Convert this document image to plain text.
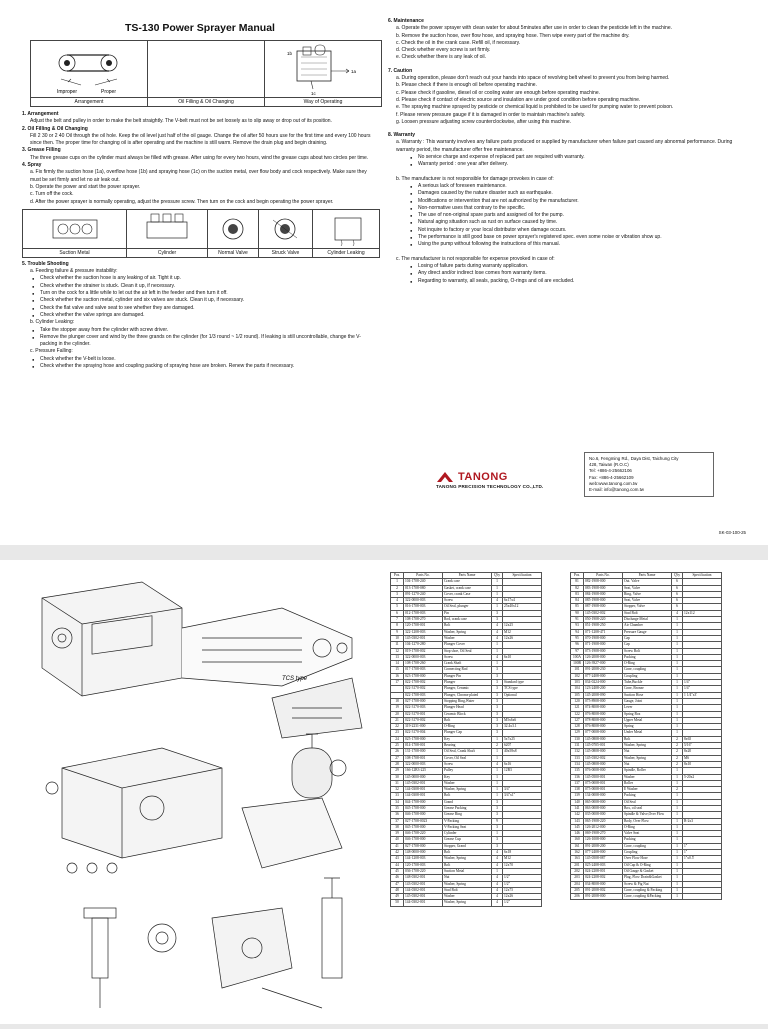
TS-130 Power Sprayer Manual
Improper	Proper
1b
1c
1a
Arrangement	Oil Filling & Oil Changing	Way of Operating

1. Arrangement

Adjust the belt and pulley in order to make the belt straightly. The V-belt must not be set loosely as to slip away or drop out of its position.

2. Oil Filling & Oil Changing

Fill 2 30 or 2 40 Oil through the oil hole. Keep the oil level just half of the oil gauge. Change the oil after 50 hours use for the first time and every 100 hours since then. The proper time for changing oil is after operating and the machine is still warm. Remove the drain plug and begin draining.

3. Grease Filling

The three grease cups on the cylinder must always be filled with grease. After using for every two hours, wind the grease cups about two circles per time.

4. Spray

a. Fix firmly the suction hose (1a), overflow hose (1b) and spraying hose (1c) on the suction metal, over flow body and cock respectively. Make sure they must be set firmly and let no air leak out.

b. Operate the power and start the power sprayer.

c. Turn off the cock.

d. After the power sprayer is normally operating, adjust the pressure screw. Then turn on the cock and begin operating the power sprayer.

Suction Metal	Cylinder	Normal Valve	Struck Valve	Cylinder Leaking

5. Trouble Shooting

a. Feeding failure & pressure instability:

● Check whether the suction hose is any leaking of air. Tight it up.

● Check whether the strainer is stuck. Clean it up, if necessary.

● Turn on the cock for a little while to let out the air left in the feeder and then turn it off.

● Check whether the suction metal, cylinder and six valves are stuck. Clean it up, if necessary.

● Check the flat valve and valve seat to see whether they are damaged.

● Check whether the valve springs are damaged.

b. Cylinder Leaking:

● Take the stopper away from the cylinder with screw driver.

● Remove the plunger cover and wind by the three grands on the cylinder (for 1/3 round ~ 1/2 round). If leaking is still uncontrollable, change the V-packing in the cylinder.

c. Pressure Falling:

● Check whether the V-belt is loose.

● Check whether the spraying hose and coupling packing of spraying hose are broken. Renew the parts if necessary.

6. Maintenance

a. Operate the power sprayer with clean water for about 5minutes after use in order to clean the pesticide left in the machine.

b. Remove the suction hose, over flow hose, and spraying hose. Then wipe every part of the machine dry.

c. Check the oil in the crank case. Refill oil, if necessary.

d. Check whether every screw is set firmly.

e. Check whether there is any leak of oil.

7. Caution

a. During operation, please don't reach out your hands into space of revolving belt wheel to prevent you from being harmed.

b. Please check if there is enough oil before operating machine.

c. Please check if gasoline, diesel oil or cooling water are enough before operating machine.

d. Please check if contact of electric source and insulation are under good condition before operating machine.

e. The spraying machine sprayed by pesticide or chemical liquid is prohibited to be used for pumping water to prevent poison.

f. Please renew pressure gauge if it is damaged in order to maintain machine's safety.

g. Loosen pressure adjusting screw counterclockwise, after using this machine.

8. Warranty

a. Warranty : This warranty involves any failure parts produced or supplied by manufacturer when failure part caused any abnormal performance. During warranty period, the manufacturer offer free maintenance.

● No service charge and expense of replaced part are required with warranty.

● Warranty period : one year after delivery.

b. The manufacturer is not responsible for damage provokes in case of:

● A serious lack of foreseen maintenance.

● Damages caused by the nature disaster such as earthquake.

● Modifications or intervention that are not authorized by the manufacturer.

● Non-normative uses that contrary to the specific.

● The use of non-original spare parts and assigned oil for the pump.

● Natural aging situation such as rust on surface caused by time.

● Not inquire to factory or your local distributor when damage occurs.

● The performance is still good base on power sprayer's registered spec. even some noise or vibration show up.

● Using the pump without following the instructions of this manual.

c. The manufacturer is not responsible for expense provoked in case of:

● Losing of failure parts during warranty application.

● Any direct and/or indirect lose comes from warranty items.

● Regarding to warranty, all seals, packing, O-rings and oil are excluded.

No.6, Fengming Rd., Daya Dist, Taichung City
428, Taiwan (R.O.C)
Tel: +886-4-25662106
Fax: +886-4-25662109
web:www.tanong.com.tw
E-mail: info@tanong.com.tw
TANONG
TANONG PRECISION TECHNOLOGY CO.,LTD.
SK-03-100-25
TCS type
Pos.	Parts No.	Parts Name	Q'ty	Specification
1	104-1708-240	Crank case	1	
2	013-1708-080	Gasket, crank case	1	
3	091-1270-240	Cover, crank Case	1	
4	322-0000-003	Screw	4	6x17x4
5	016-1708-003	Oil Seal, plunger	1	25x40x12
6	012-1708-003	Pin	3	
7	108-1708-270	Rod, crank case	3	
8	120-1708-001	Bolt	4	12x25
9	322-1208-003	Washer, Spring	4	M12
10	145-0302-001	Washer	4	12x26
11	104-1270-280	Plunger Cover	1	
12	019-1708-002	Stop shoe, Oil Seal	1	
13	322-0000-003	Screw	4	6x10
14	108-1708-260	Crank Shaft	1	
15	017-1708-003	Connecting Rod	3	
16	023-1708-000	Plunger Pin	3	
17	022-1708-002	Plunger	3	Standard type
	022-3170-002	Plunger, Ceramic	3	TCS type
	022-1708-003	Plunger, Chrome plated	3	Optional
18	027-1708-000	Stopping Ring,Water	3	
19	022-3170-003	Plunger Head	3	
20	022-3170-001	Ceramic Block	3	
21	022-3170-002	Bolt	3	M5x6x6
22	319-2231-000	O-Ring	3	32.4x3.1
23	022-3170-004	Plunger Cap	3	
24	025-1708-000	Key	1	5x7x25
25	014-1708-001	Bearing	2	6207
26	131-1708-000	Oil Seal, Crank Shaft	1	40x58x8
27	108-1708-001	Cover, Oil Seal	1	
28	322-0000-003	Screw	4	6x16
29	166-12B3-225	Pulley	1	12B3
30	145-0000-000	Key	1	
31	145-0302-001	Washer	1	
32	144-0308-001	Washer, Spring	1	3/4"
33	144-0308-001	Bolt	1	3/4"x1"
34	044-1708-000	Grand	3	
35	045-1708-000	Grease Packing	3	
36	046-1708-000	Grease Ring	3	
37	027-1708-0023	V-Packing	9	
38	045-1708-000	V-Packing Seat	3	
39	046-1708-220	Cylinder	1	
40	046-1708-000	Grease Cup	3	
41	027-1708-000	Stopper, Grand	3	
42	148-0000-000	Bolt	4	6x18
43	144-1208-003	Washer, Spring	4	M12
44	120-1708-003	Bolt	4	12x70
45	036-1708-220	Suction Metal	1	
46	148-0302-001	Nut	4	1/2"
47	143-0302-001	Washer, Spring	4	1/2"
48	144-0302-001	Stud Bolt	4	12x75
49	145-0302-001	Washer	4	12x26
50	144-0302-001	Washer, Spring	4	1/2"
Pos.	Parts No.	Parts Name	Q'ty	Specification
81	082-1908-000	Out. Valve	6	
82	083-1908-000	Seat, Valve	6	
83	084-1908-000	Ring, Valve	6	
84	085-1908-000	Seat, Valve	6	
85	087-1908-000	Stopper, Valve	6	
90	145-0302-002	Stud Bolt	4	12x112
91	050-1908-220	Discharge Metal	1	
93	051-1908-250	Air Chamber	1	
94	071-1208-471	Pressure Gauge	1	
95	070-1908-000	Cap	1	
96	071-1908-000	Cap	1	
97	073-1908-000	Screw Bolt	1	
100A	126-2008-000	Packing	1	
100B	126-3927-000	O-Ring	1	
101	091-2008-230	Cone, coupling	1	
102	077-2408-000	Coupling	1	
103	034-0224-000	Tube,Buckle	1	1/4"
104	123-2408-200	Cone, Bronze	1	1/4"
105	145-2008-090	Suction Hose	1	1 1/4"x3'
120	075-8908-000	Gauge, Joint	1	
121	074-8008-000	Lever	1	
122	076-8008-000	Spring Box	1	
127	078-8008-000	Upper Metal	1	
128	076-8008-000	Spring	1	
129	077-0008-000	Under Metal	1	
130	145-0808-000	Bolt	2	8x65
131	145-0705-001	Washer, Spring	2	5/16"
132	145-0808-000	Nut	2	8x20
133	145-0302-002	Washer, Spring	2	M6
134	145-0808-000	Nut	2	8x10
135	076-0008-000	Spindle, Roller	1	
136	145-0500-001	Washer	1	5-20x2
137	075-0008-001	Roller	1	
138	075-0008-001	E Washer	2	
139	134-0008-000	Packing	1	
140	065-0008-000	Oil Seal	1	
141	063-0008-000	Box, oil seal	1	
142	035-0008-000	Spindle & Valve,Over Flow	1	
143	065-1908-220	Body, Over Flow	1	B-2x3
145	126-2012-000	O-Ring	1	
146	069-1908-270	Valve Seat	1	
160	126-1008-000	Packing	1	
161	091-2008-200	Cone, coupling	1	1"
162	077-2408-000	Coupling	1	1"
163	145-0508-087	Over Flow Hose	1	1"x0.5'
201	025-2408-003	Oil Cap & O-Ring	1	
202	024-2208-001	Oil Gauge & Gasket	1	
203	024-2208-002	Plug, Flow Drain&Gasket	1	
204	034-8008-000	Screw & Pig Nut	1	
205	091-2008-002	Cone, coupling & Packing	1	
206	091-2008-000	Cone, coupling &Packing	1	
